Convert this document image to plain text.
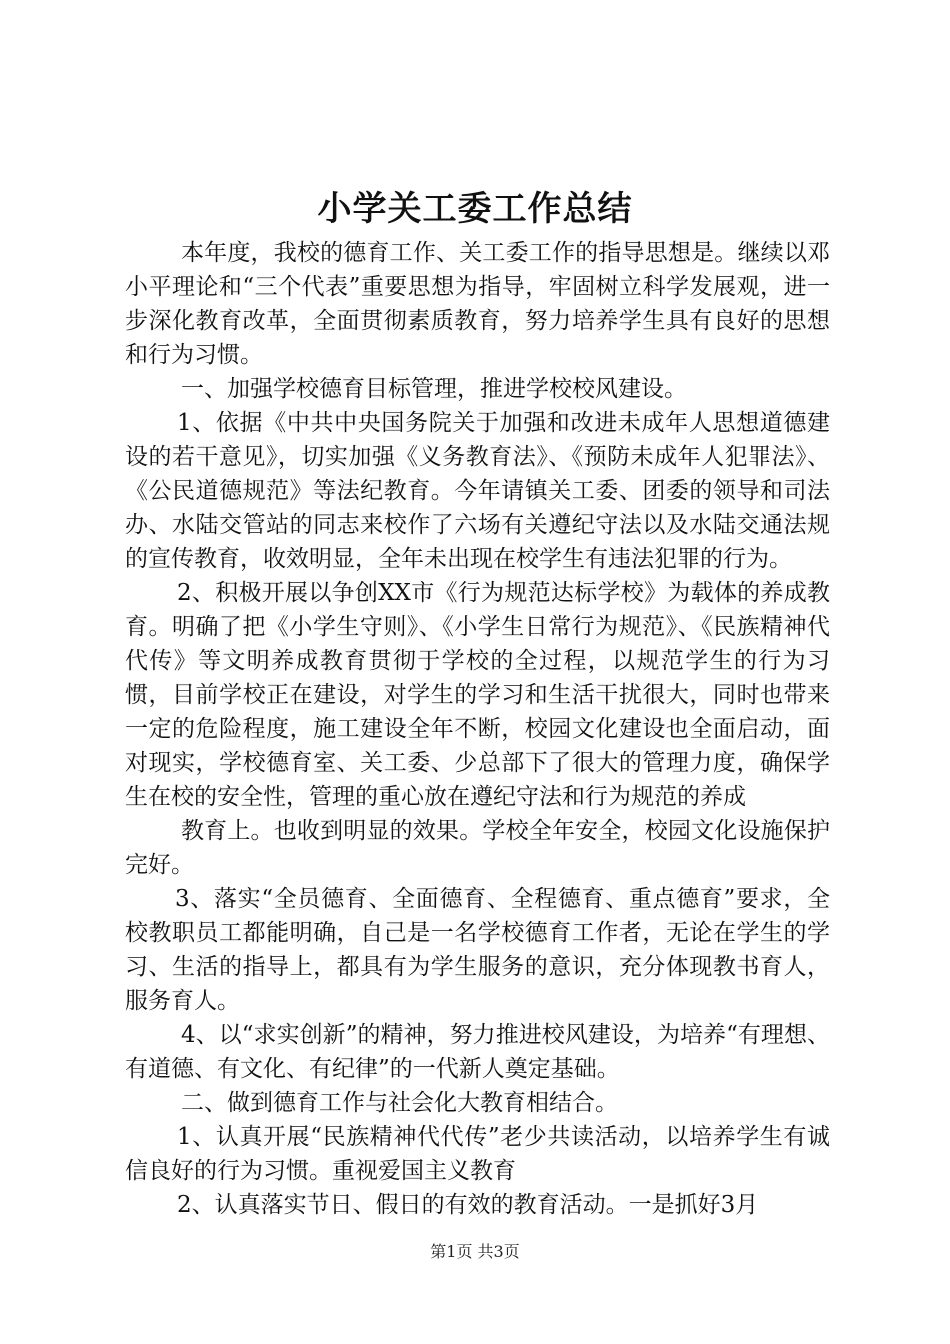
小学关工委工作总结

本年度，我校的德育工作、关工委工作的指导思想是。继续以邓小平理论和“三个代表”重要思想为指导，牢固树立科学发展观，进一步深化教育改革，全面贯彻素质教育，努力培养学生具有良好的思想和行为习惯。

一、加强学校德育目标管理，推进学校校风建设。

1、依据《中共中央国务院关于加强和改进未成年人思想道德建设的若干意见》，切实加强《义务教育法》、《预防未成年人犯罪法》、《公民道德规范》等法纪教育。今年请镇关工委、团委的领导和司法办、水陆交管站的同志来校作了六场有关遵纪守法以及水陆交通法规的宣传教育，收效明显，全年未出现在校学生有违法犯罪的行为。

2、积极开展以争创XX市《行为规范达标学校》为载体的养成教育。明确了把《小学生守则》、《小学生日常行为规范》、《民族精神代代传》等文明养成教育贯彻于学校的全过程，以规范学生的行为习惯，目前学校正在建设，对学生的学习和生活干扰很大，同时也带来一定的危险程度，施工建设全年不断，校园文化建设也全面启动，面对现实，学校德育室、关工委、少总部下了很大的管理力度，确保学生在校的安全性，管理的重心放在遵纪守法和行为规范的养成

教育上。也收到明显的效果。学校全年安全，校园文化设施保护完好。

3、落实“全员德育、全面德育、全程德育、重点德育”要求，全校教职员工都能明确，自己是一名学校德育工作者，无论在学生的学习、生活的指导上，都具有为学生服务的意识，充分体现教书育人，服务育人。

4、以“求实创新”的精神，努力推进校风建设，为培养“有理想、有道德、有文化、有纪律”的一代新人奠定基础。

二、做到德育工作与社会化大教育相结合。

1、认真开展“民族精神代代传”老少共读活动，以培养学生有诚信良好的行为习惯。重视爱国主义教育

2、认真落实节日、假日的有效的教育活动。一是抓好3月

第1页 共3页
